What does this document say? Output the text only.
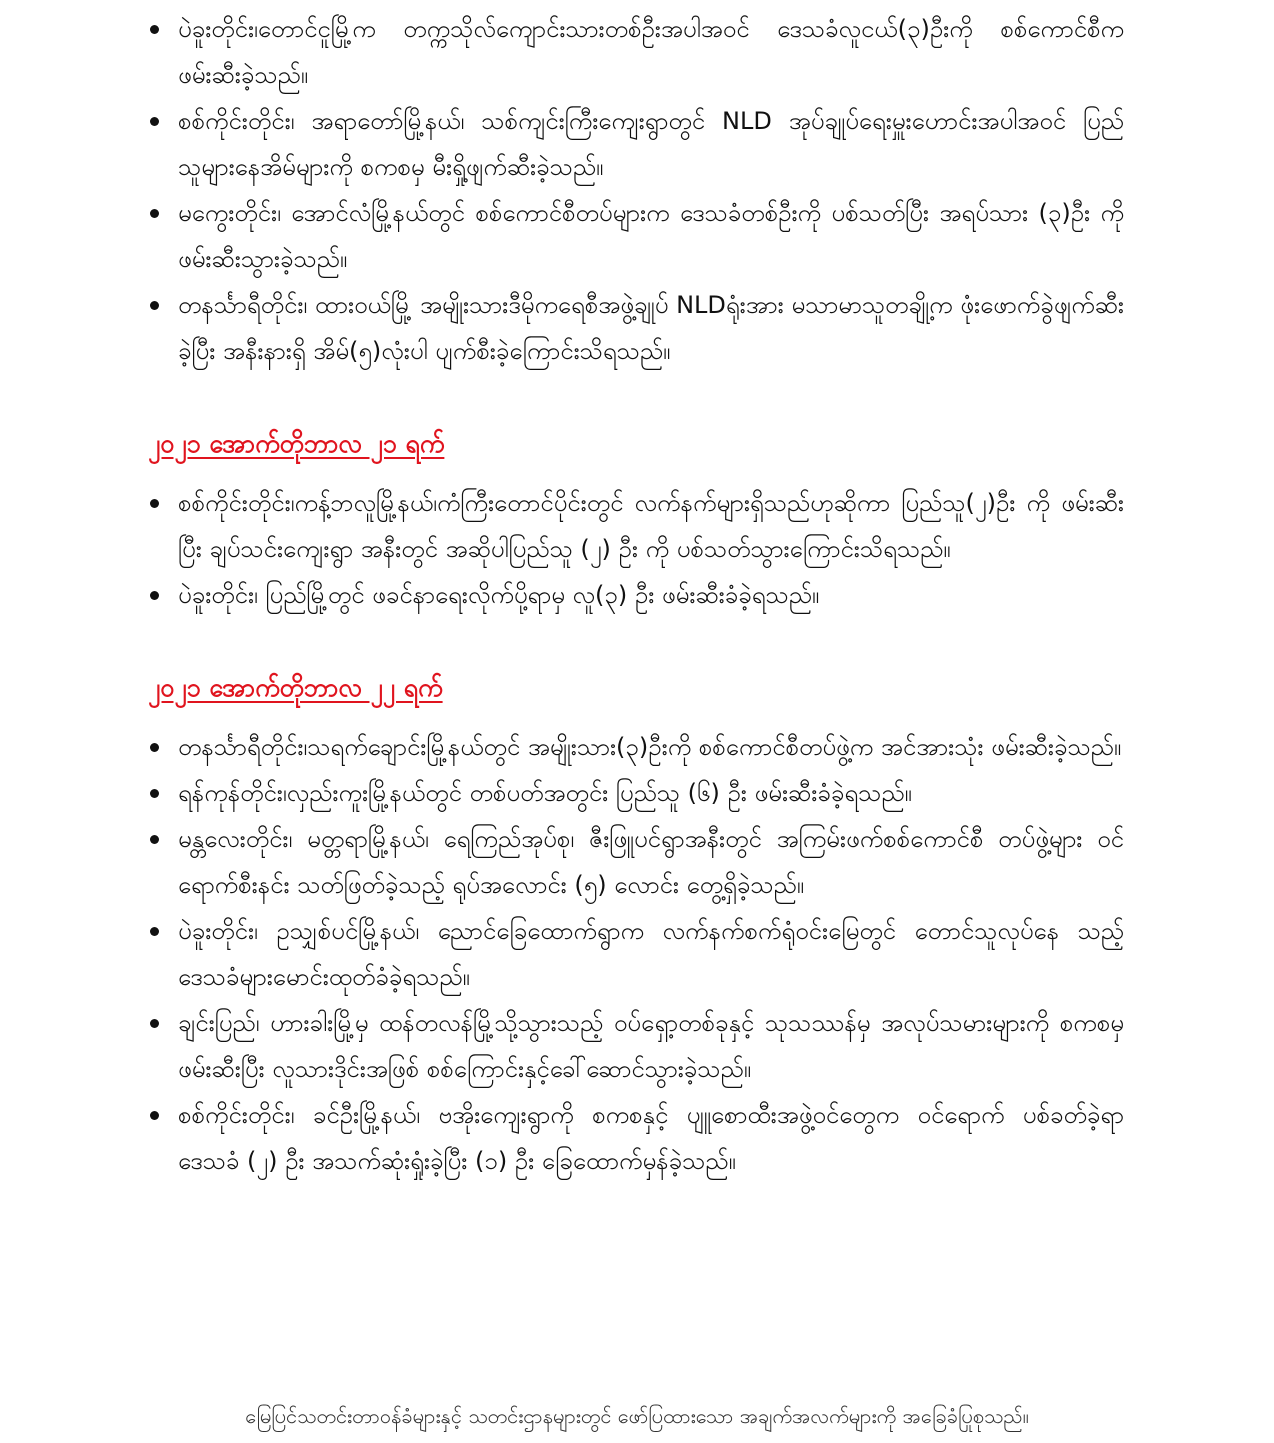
ပဲခူးတိုင်း၊တောင်ငူမြို့က တက္ကသိုလ်ကျောင်းသားတစ်ဦးအပါအဝင် ဒေသခံလူငယ်(၃)ဦးကို စစ်ကောင်စီက ဖမ်းဆီးခဲ့သည်။
စစ်ကိုင်းတိုင်း၊ အရာတော်မြို့နယ်၊ သစ်ကျင်းကြီးကျေးရွာတွင် NLD အုပ်ချုပ်ရေးမှူးဟောင်းအပါအဝင် ပြည်သူများနေအိမ်များကို စကစမှ မီးရှို့ဖျက်ဆီးခဲ့သည်။
မကွေးတိုင်း၊ အောင်လံမြို့နယ်တွင် စစ်ကောင်စီတပ်များက ဒေသခံတစ်ဦးကို ပစ်သတ်ပြီး အရပ်သား (၃)ဦး ကို ဖမ်းဆီးသွားခဲ့သည်။
တနင်္သာရီတိုင်း၊ ထားဝယ်မြို့ အမျိုးသားဒီမိုကရေစီအဖွဲ့ချုပ် NLDရုံးအား မသာမာသူတချို့က ဖုံးဖောက်ခွဲဖျက်ဆီးခဲ့ပြီး အနီးနားရှိ အိမ်(၅)လုံးပါ ပျက်စီးခဲ့ကြောင်းသိရသည်။
၂၀၂၁ အောက်တိုဘာလ ၂၁ ရက်
စစ်ကိုင်းတိုင်း၊ကန့်ဘလူမြို့နယ်၊ကံကြီးတောင်ပိုင်းတွင် လက်နက်များရှိသည်ဟုဆိုကာ ပြည်သူ(၂)ဦး ကို ဖမ်းဆီးပြီး ချပ်သင်းကျေးရွာ အနီးတွင် အဆိုပါပြည်သူ (၂) ဦး ကို ပစ်သတ်သွားကြောင်းသိရသည်။
ပဲခူးတိုင်း၊ ပြည်မြို့တွင် ဖခင်နာရေးလိုက်ပို့ရာမှ လူ(၃) ဦး ဖမ်းဆီးခံခဲ့ရသည်။
၂၀၂၁ အောက်တိုဘာလ ၂၂ ရက်
တနင်္သာရီတိုင်း၊သရက်ချောင်းမြို့နယ်တွင် အမျိုးသား(၃)ဦးကို စစ်ကောင်စီတပ်ဖွဲ့က အင်အားသုံး ဖမ်းဆီးခဲ့သည်။
ရန်ကုန်တိုင်း၊လှည်းကူးမြို့နယ်တွင် တစ်ပတ်အတွင်း ပြည်သူ (၆) ဦး ဖမ်းဆီးခံခဲ့ရသည်။
မန္တလေးတိုင်း၊ မတ္တရာမြို့နယ်၊ ရေကြည်အုပ်စု၊ ဇီးဖြူပင်ရွာအနီးတွင် အကြမ်းဖက်စစ်ကောင်စီ တပ်ဖွဲ့များ ဝင်ရောက်စီးနင်း သတ်ဖြတ်ခဲ့သည့် ရုပ်အလောင်း (၅) လောင်း တွေ့ရှိခဲ့သည်။
ပဲခူးတိုင်း၊ ဥသျှစ်ပင်မြို့နယ်၊ ညောင်ခြေထောက်ရွာက လက်နက်စက်ရုံဝင်းမြေတွင် တောင်သူလုပ်နေ သည့် ဒေသခံများမောင်းထုတ်ခံခဲ့ရသည်။
ချင်းပြည်၊ ဟားခါးမြို့မှ ထန်တလန်မြို့သို့သွားသည့် ဝပ်ရှော့တစ်ခုနှင့် သုသဿန်မှ အလုပ်သမားများကို စကစမှ ဖမ်းဆီးပြီး လူသားဒိုင်းအဖြစ် စစ်ကြောင်းနှင့်ခေါ်ဆောင်သွားခဲ့သည်။
စစ်ကိုင်းတိုင်း၊ ခင်ဦးမြို့နယ်၊ ဗအိုးကျေးရွာကို စကစနှင့် ပျူစောထီးအဖွဲ့ဝင်တွေက ဝင်ရောက် ပစ်ခတ်ခဲ့ရာ ဒေသခံ (၂) ဦး အသက်ဆုံးရှုံးခဲ့ပြီး (၁) ဦး ခြေထောက်မှန်ခဲ့သည်။
မြေပြင်သတင်းတာဝန်ခံများနှင့် သတင်းဌာနများတွင် ဖော်ပြထားသော အချက်အလက်များကို အခြေခံပြုစုသည်။
